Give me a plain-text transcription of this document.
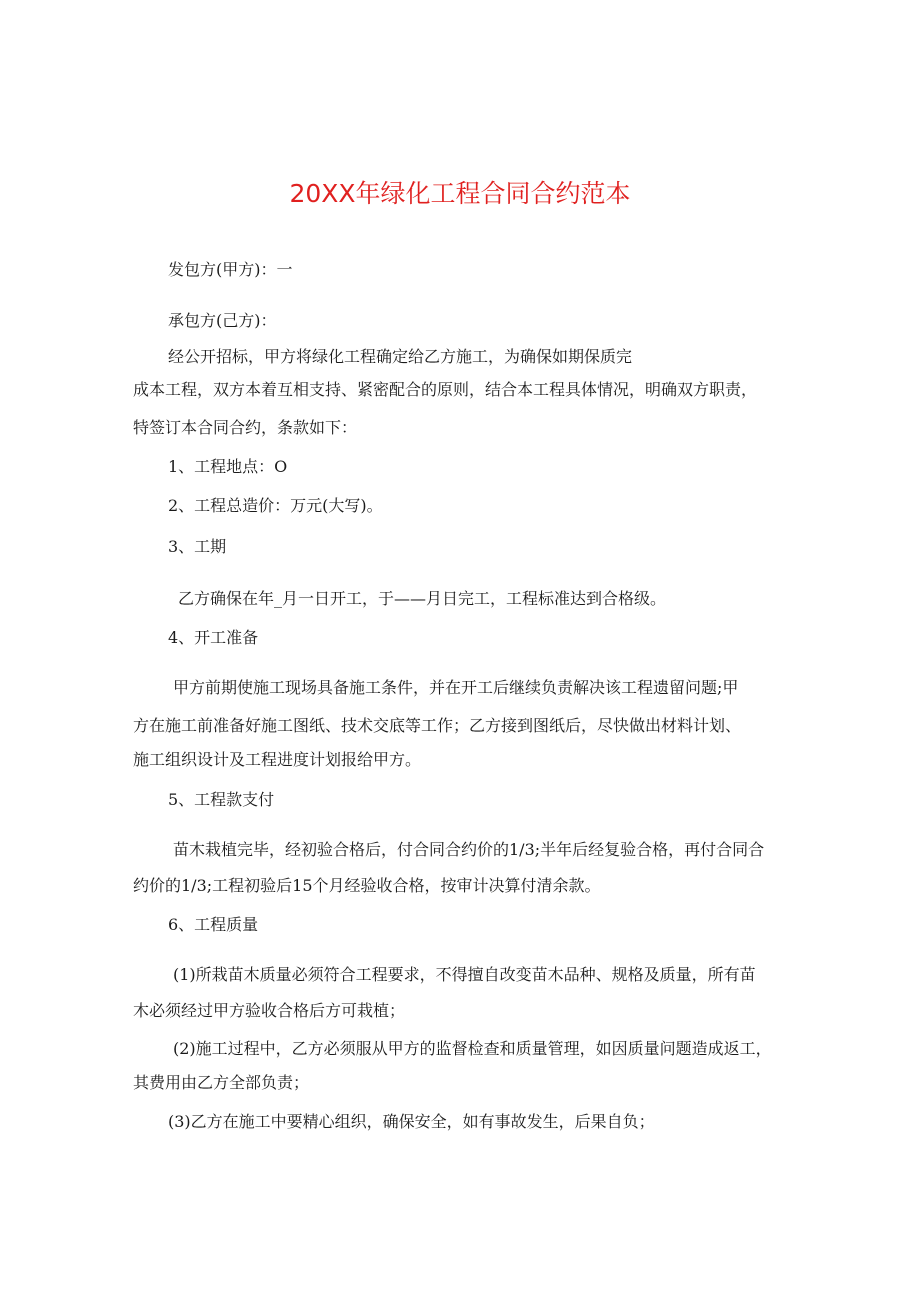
20XX年绿化工程合同合约范本
发包方(甲方)：一
承包方(己方)：
经公开招标，甲方将绿化工程确定给乙方施工，为确保如期保质完
成本工程，双方本着互相支持、紧密配合的原则，结合本工程具体情况，明确双方职责，
特签订本合同合约，条款如下：
1、工程地点：O
2、工程总造价：万元(大写)。
3、工期
乙方确保在年_月一日开工，于——月日完工，工程标准达到合格级。
4、开工准备
甲方前期使施工现场具备施工条件，并在开工后继续负责解决该工程遗留问题;甲
方在施工前准备好施工图纸、技术交底等工作；乙方接到图纸后，尽快做出材料计划、
施工组织设计及工程进度计划报给甲方。
5、工程款支付
苗木栽植完毕，经初验合格后，付合同合约价的1/3;半年后经复验合格，再付合同合
约价的1/3;工程初验后15个月经验收合格，按审计决算付清余款。
6、工程质量
(1)所栽苗木质量必须符合工程要求，不得擅自改变苗木品种、规格及质量，所有苗
木必须经过甲方验收合格后方可栽植；
(2)施工过程中，乙方必须服从甲方的监督检查和质量管理，如因质量问题造成返工，
其费用由乙方全部负责；
(3)乙方在施工中要精心组织，确保安全，如有事故发生，后果自负；
